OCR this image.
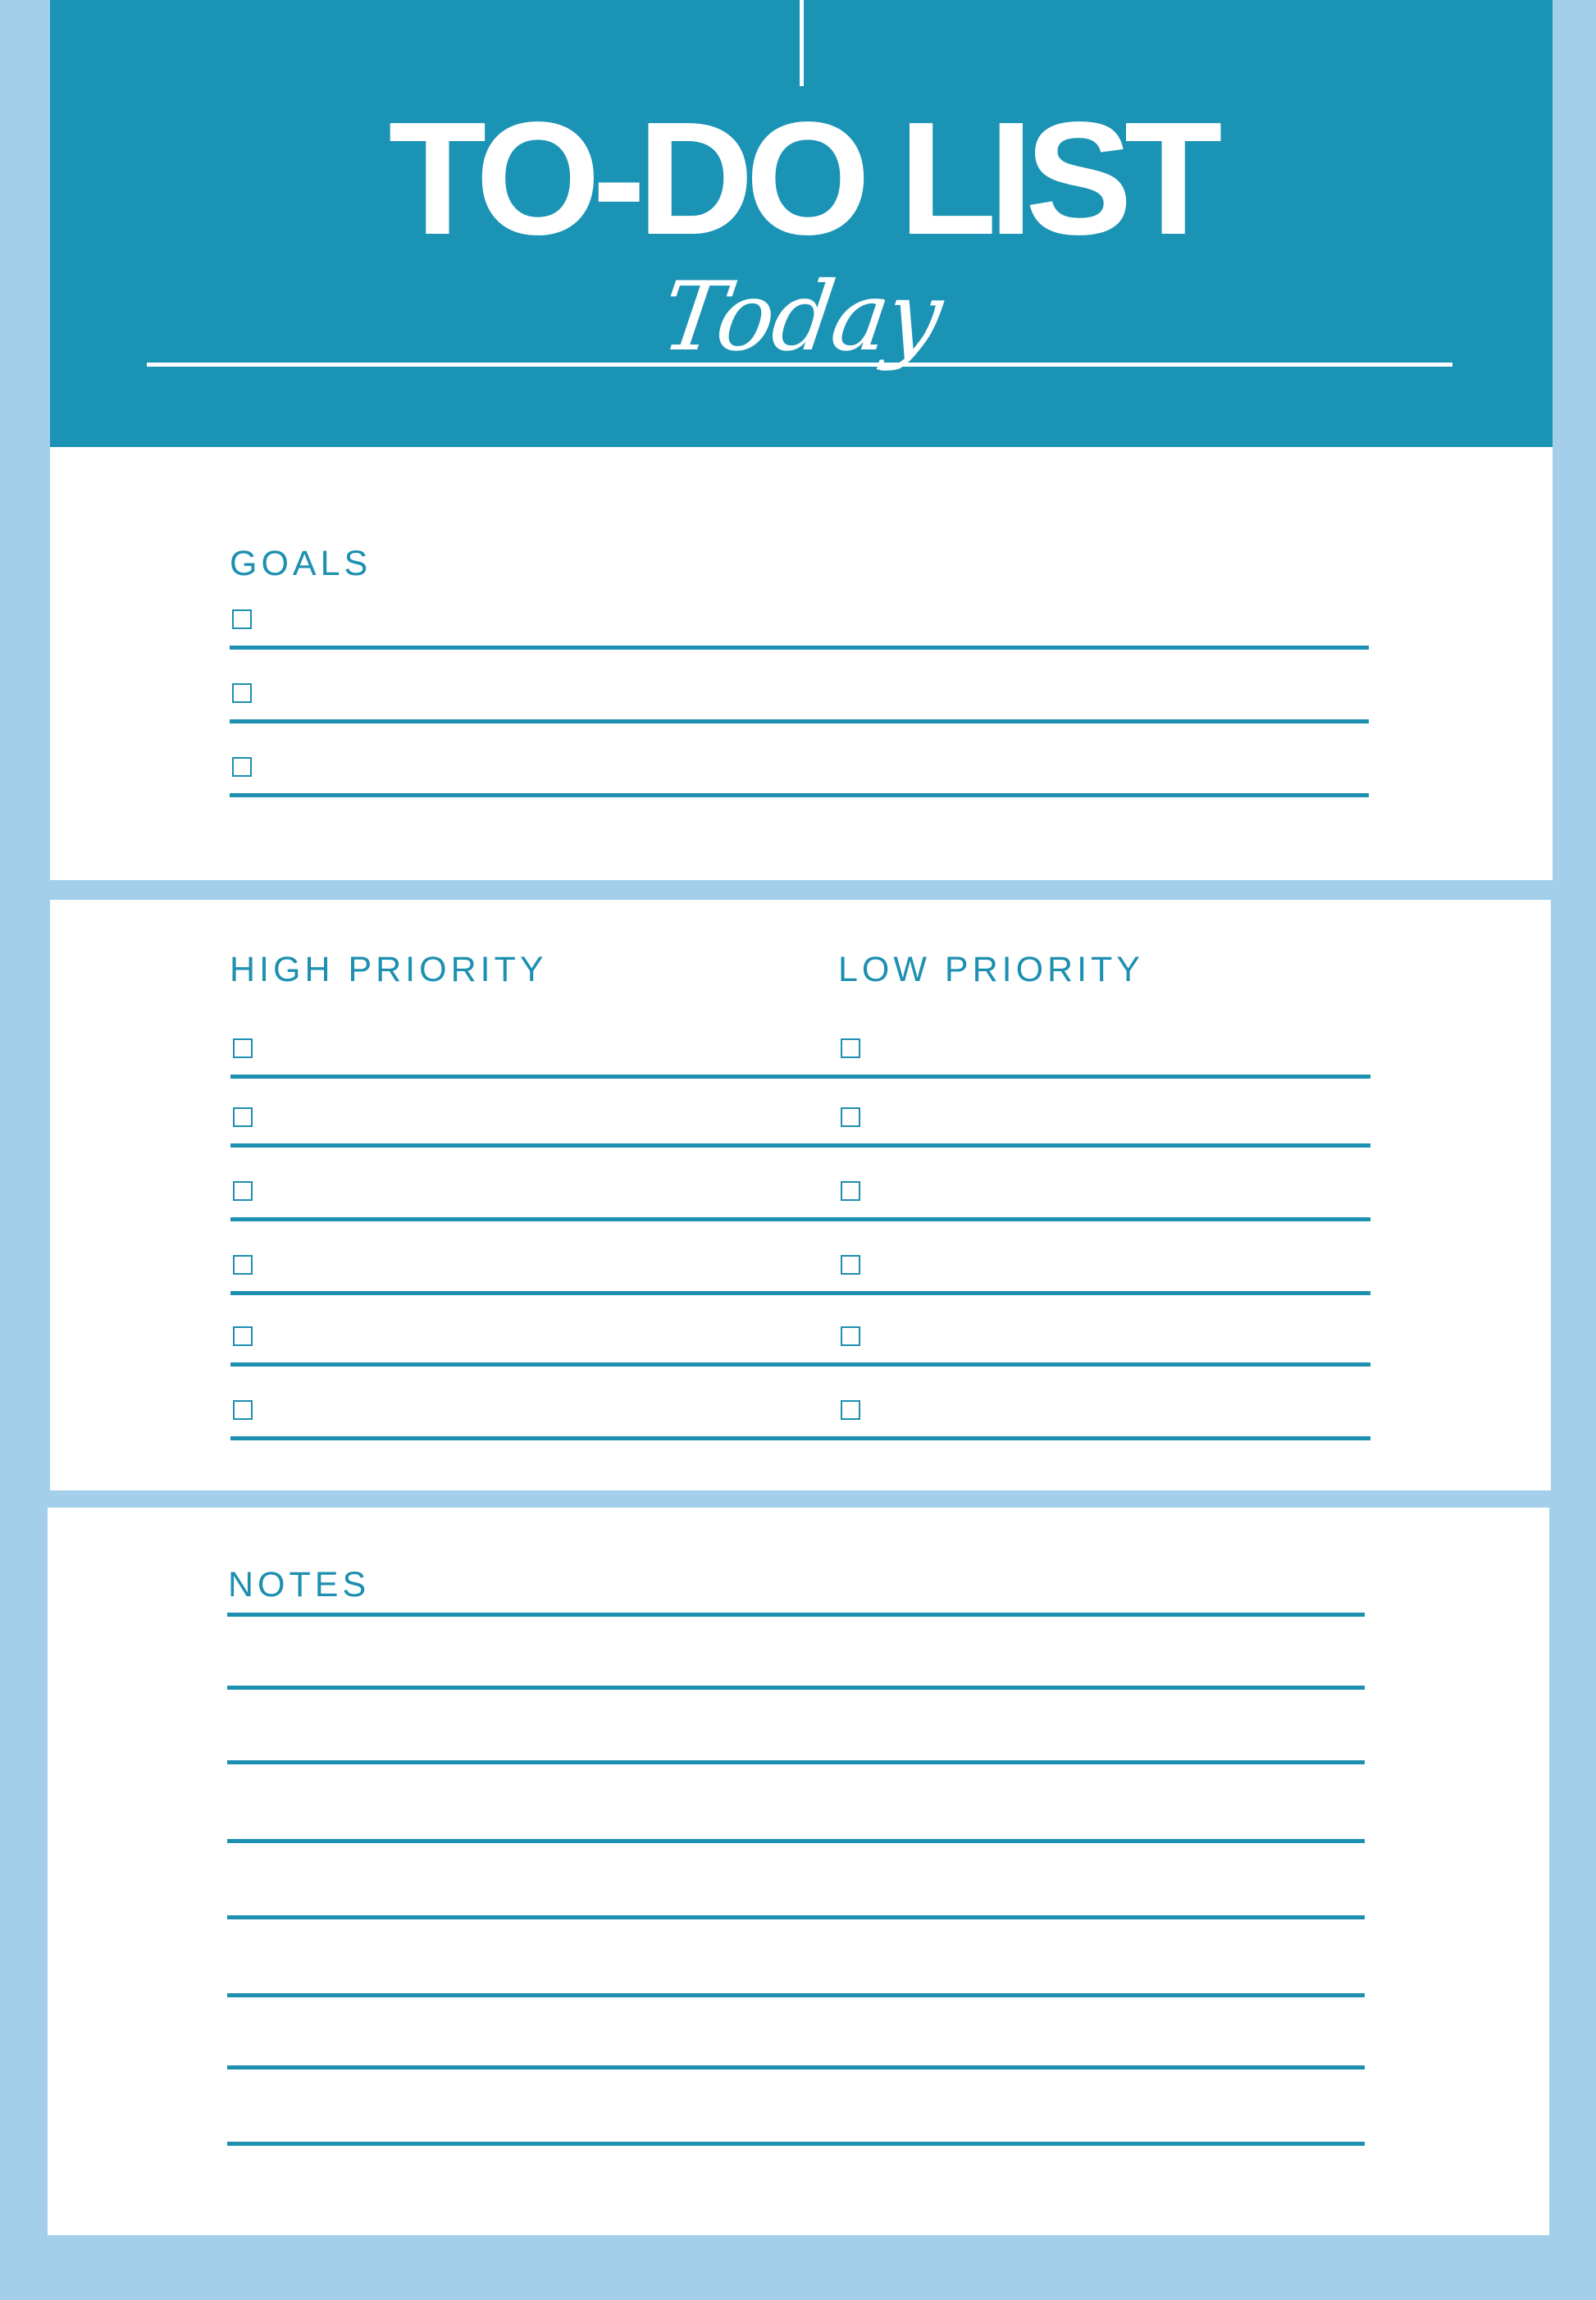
TO-DO LIST
Today
GOALS
HIGH PRIORITY	LOW PRIORITY
NOTES
